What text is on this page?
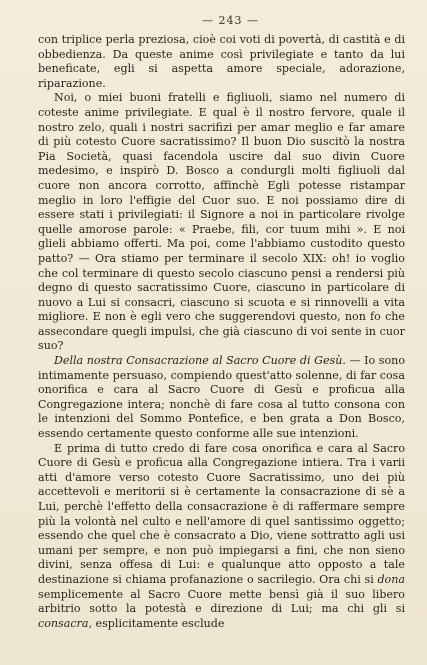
— 243 —

con triplice perla preziosa, cioè coi voti di povertà, di castità e di obbedienza. Da queste anime così privilegiate e tanto da lui beneficate, egli si aspetta amore speciale, adorazione, riparazione.

Noi, o miei buoni fratelli e figliuoli, siamo nel numero di coteste anime privilegiate. E qual è il nostro fervore, quale il nostro zelo, quali i nostri sacrifizi per amar meglio e far amare di più cotesto Cuore sacratissimo? Il buon Dio suscitò la nostra Pia Società, quasi facendola uscire dal suo divin Cuore medesimo, e inspirò D. Bosco a condurgli molti figliuoli dal cuore non ancora corrotto, affinchè Egli potesse ristampar meglio in loro l'effigie del Cuor suo. E noi possiamo dire di essere stati i privilegiati: il Signore a noi in particolare rivolge quelle amorose parole: « Praebe, fili, cor tuum mihi ». E noi glieli abbiamo offerti. Ma poi, come l'abbiamo custodito questo patto? — Ora stiamo per terminare il secolo XIX: oh! io voglio che col terminare di questo secolo ciascuno pensi a rendersi più degno di questo sacratissimo Cuore, ciascuno in particolare di nuovo a Lui si consacri, ciascuno si scuota e si rinnovelli a vita migliore. E non è egli vero che suggerendovi questo, non fo che assecondare quegli impulsi, che già ciascuno di voi sente in cuor suo?

Della nostra Consacrazione al Sacro Cuore di Gesù. — Io sono intimamente persuaso, compiendo quest'atto solenne, di far cosa onorifica e cara al Sacro Cuore di Gesù e proficua alla Congregazione intera; nonchè di fare cosa al tutto consona con le intenzioni del Sommo Pontefice, e ben grata a Don Bosco, essendo certamente questo conforme alle sue intenzioni.

E prima di tutto credo di fare cosa onorifica e cara al Sacro Cuore di Gesù e proficua alla Congregazione intiera. Tra i varii atti d'amore verso cotesto Cuore Sacratissimo, uno dei più accettevoli e meritorii si è certamente la consacrazione di sè a Lui, perchè l'effetto della consacrazione è di raffermare sempre più la volontà nel culto e nell'amore di quel santissimo oggetto; essendo che quel che è consacrato a Dio, viene sottratto agli usi umani per sempre, e non può impiegarsi a fini, che non sieno divini, senza offesa di Lui: e qualunque atto opposto a tale destinazione si chiama profanazione o sacrilegio. Ora chi si dona semplicemente al Sacro Cuore mette bensì già il suo libero arbitrio sotto la potestà e direzione di Lui; ma chi gli si consacra, esplicitamente esclude
